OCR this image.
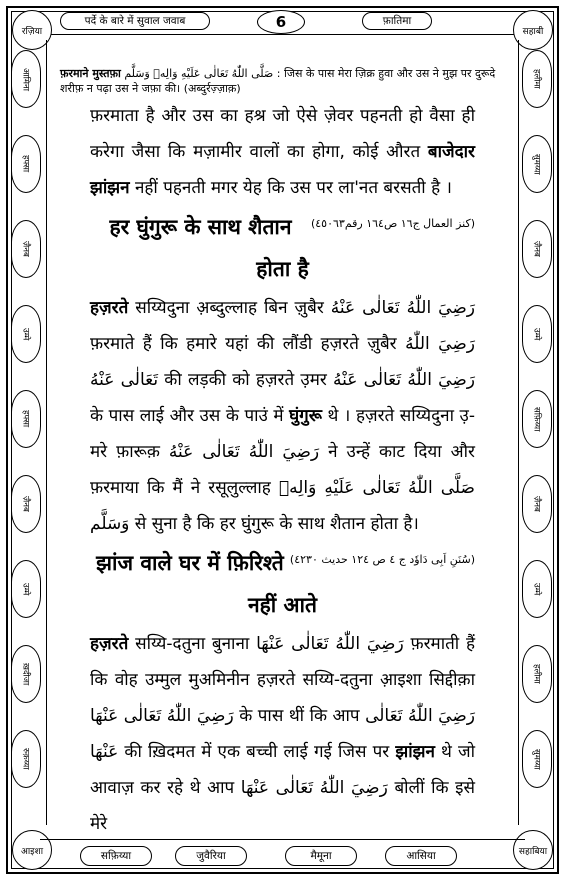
पर्दे के बारे में सुवाल जवाब	6	फ़ातिमा
रज़िया	सहाबी
आइशा	सहाबिया
आमिना
हफ्सा
ज़ैनब
उम्मे
हफ्सा
ज़ैनब
उम्मे
ख़दीजा
रुक़य्या
हलीमा
सुमय्या
ज़ैनब
उम्मे
सफ़िय्या
ज़ैनब
उम्मे
हलीमा
सुमय्या
फ़रमाने मुस्तफ़ा صَلَّى اللّٰهُ تَعَالٰی عَلَيْهِ وَالِهٖ وَسَلَّم : जिस के पास मेरा ज़िक्र हुवा और उस ने मुझ पर दुरूदे शरीफ़ न पढ़ा उस ने जफ़ा की। (अब्दुर्रज़्ज़ाक़)

फ़रमाता है और उस का हश्र जो ऐसे ज़ेवर पहनती हो वैसा ही करेगा जैसा कि मज़ामीर वालों का होगा, कोई औरत बाजेदार झांझन नहीं पहनती मगर येह कि उस पर ला'नत बरसती है ।
(كنز العمال ج١٦ ص١٦٤ رقم٤٥٠٦٣)

हर घुंगुरू के साथ शैतान होता है

हज़रते सय्यिदुना अ़ब्दुल्लाह बिन ज़ुबैर رَضِيَ اللّٰهُ تَعَالٰی عَنْهُ फ़रमाते हैं कि हमारे यहां की लौंडी हज़रते ज़ुबैर رَضِيَ اللّٰهُ تَعَالٰی عَنْهُ की लड़की को हज़रते उ़मर رَضِيَ اللّٰهُ تَعَالٰی عَنْهُ के पास लाई और उस के पाउं में घुंगुरू थे । हज़रते सय्यिदुना उ़-मरे फ़ारूक़ رَضِيَ اللّٰهُ تَعَالٰی عَنْهُ ने उन्हें काट दिया और फ़रमाया कि मैं ने रसूलुल्लाह صَلَّى اللّٰهُ تَعَالٰی عَلَيْهِ وَالِهٖ وَسَلَّم से सुना है कि हर घुंगुरू के साथ शैतान होता है।
(سُنَنِ اَبِی دَاوٗد ج ٤ ص ١٢٤ حدیث ٤٢٣٠)

झांज वाले घर में फ़िरिश्ते नहीं आते

हज़रते सय्यि-दतुना बुनाना رَضِيَ اللّٰهُ تَعَالٰی عَنْهَا फ़रमाती हैं कि वोह उम्मुल मुअमिनीन हज़रते सय्यि-दतुना आ़इशा सिद्दीक़ा رَضِيَ اللّٰهُ تَعَالٰی عَنْهَا के पास थीं कि आप رَضِيَ اللّٰهُ تَعَالٰی عَنْهَا की ख़िदमत में एक बच्ची लाई गई जिस पर झांझन थे जो आवाज़ कर रहे थे आप رَضِيَ اللّٰهُ تَعَالٰی عَنْهَا बोलीं कि इसे मेरे

सफ़िय्या	जुवैरिया	मैमूना	आसिया
